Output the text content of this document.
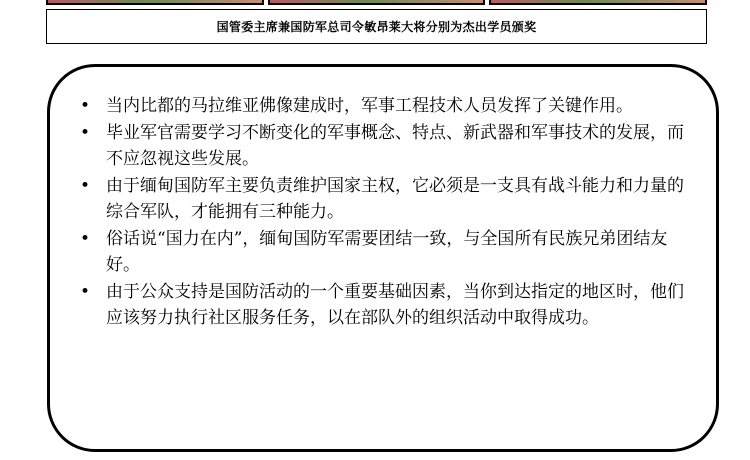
国管委主席兼国防军总司令敏昂莱大将分别为杰出学员颁奖
• 当内比都的马拉维亚佛像建成时，军事工程技术人员发挥了关键作用。
• 毕业军官需要学习不断变化的军事概念、特点、新武器和军事技术的发展，而不应忽视这些发展。
• 由于缅甸国防军主要负责维护国家主权，它必须是一支具有战斗能力和力量的综合军队，才能拥有三种能力。
• 俗话说“国力在内”，缅甸国防军需要团结一致，与全国所有民族兄弟团结友好。
• 由于公众支持是国防活动的一个重要基础因素，当你到达指定的地区时，他们应该努力执行社区服务任务，以在部队外的组织活动中取得成功。
